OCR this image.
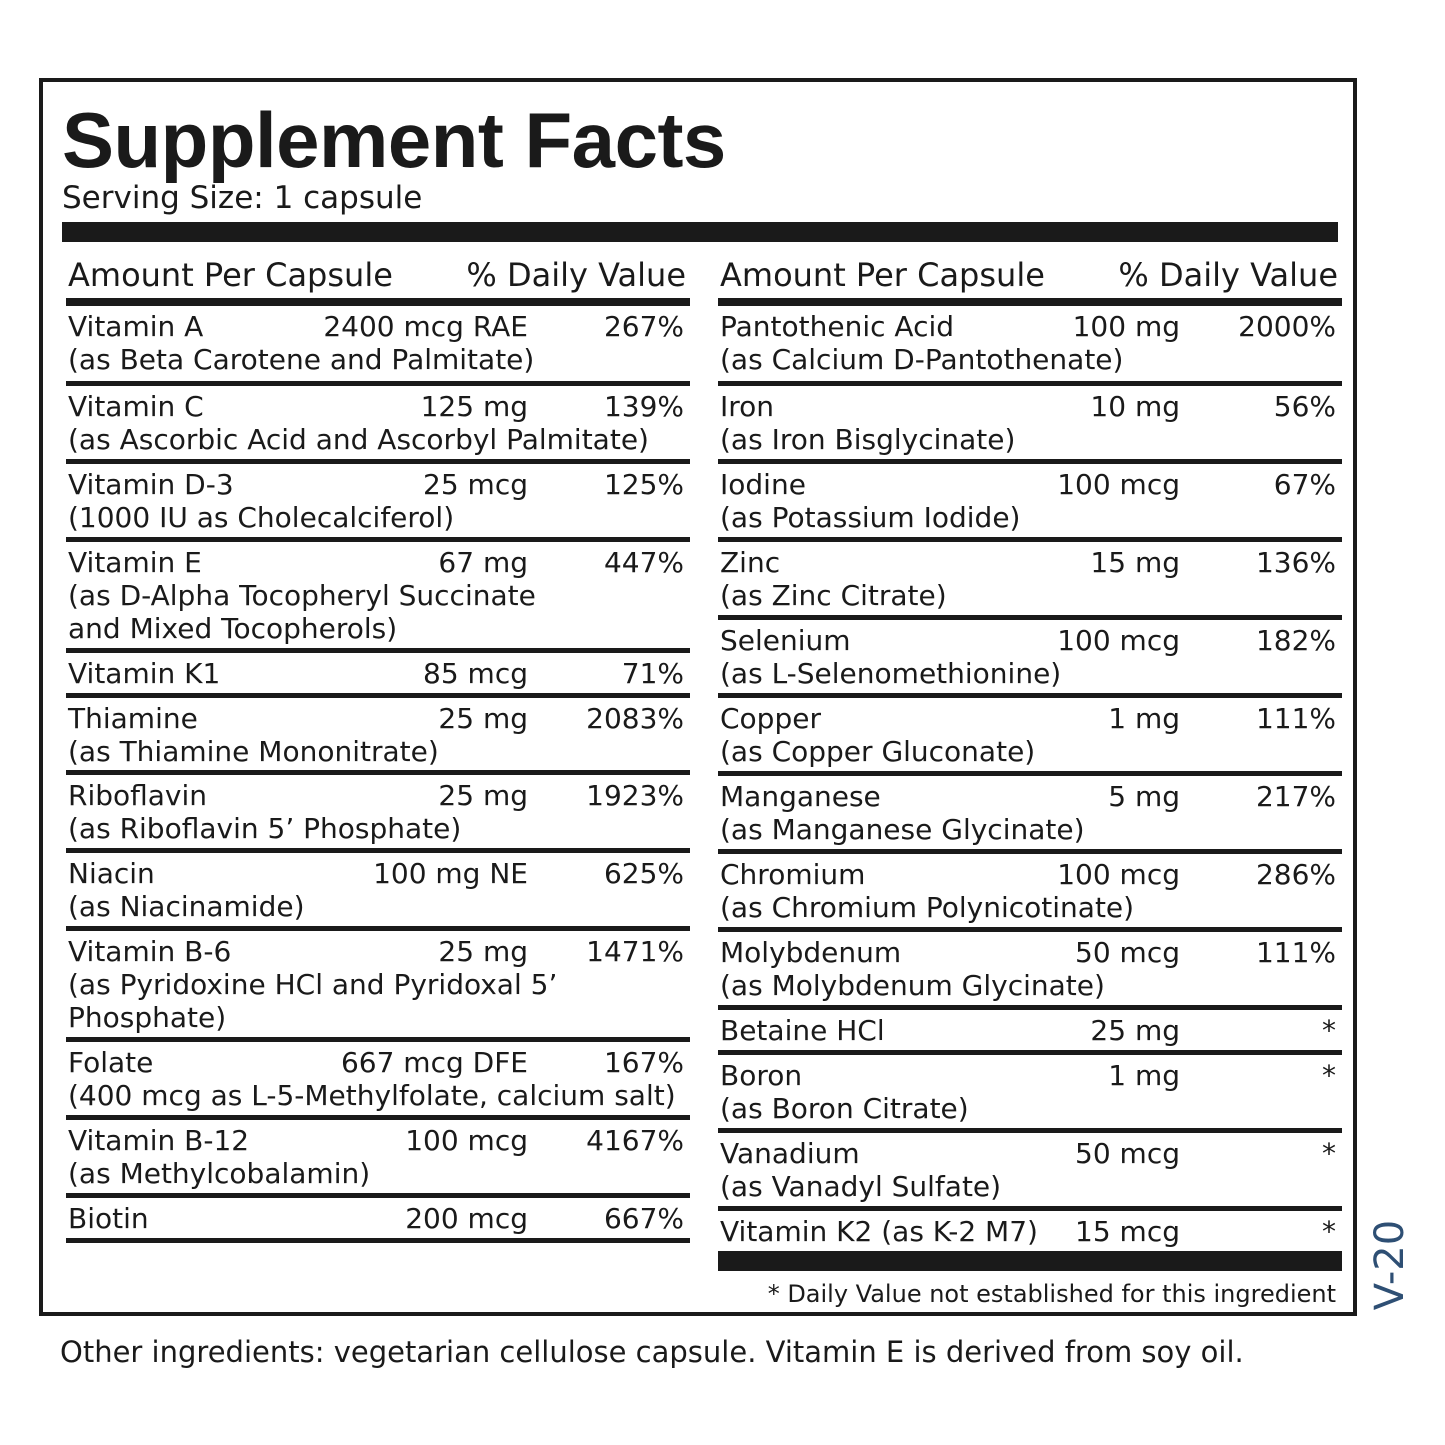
Supplement Facts
Serving Size: 1 capsule
Amount Per Capsule % Daily Value
Vitamin A	2400 mcg RAE	267%
(as Beta Carotene and Palmitate)
Vitamin C	125 mg	139%
(as Ascorbic Acid and Ascorbyl Palmitate)
Vitamin D-3	25 mcg	125%
(1000 IU as Cholecalciferol)
Vitamin E	67 mg	447%
(as D-Alpha Tocopheryl Succinate
and Mixed Tocopherols)
Vitamin K1	85 mcg	71%
Thiamine	25 mg 2083%
(as Thiamine Mononitrate)
Riboflavin	25 mg 1923%
(as Riboflavin 5’ Phosphate)
Niacin	100 mg NE	625%
(as Niacinamide)
Vitamin B-6	25 mg 1471%
(as Pyridoxine HCl and Pyridoxal 5’
Phosphate)
Folate	667 mcg DFE	167%
(400 mcg as L-5-Methylfolate, calcium salt)
Vitamin B-12	100 mcg 4167%
(as Methylcobalamin)
Biotin	200 mcg	667%
Amount Per Capsule % Daily Value
Pantothenic Acid	100 mg 2000%
(as Calcium D-Pantothenate)
Iron	10 mg	56%
(as Iron Bisglycinate)
Iodine	100 mcg	67%
(as Potassium Iodide)
Zinc	15 mg	136%
(as Zinc Citrate)
Selenium	100 mcg	182%
(as L-Selenomethionine)
Copper	1 mg	111%
(as Copper Gluconate)
Manganese	5 mg	217%
(as Manganese Glycinate)
Chromium	100 mcg	286%
(as Chromium Polynicotinate)
Molybdenum	50 mcg	111%
(as Molybdenum Glycinate)
Betaine HCl	25 mg	*
Boron	1 mg	*
(as Boron Citrate)
Vanadium	50 mcg	*
(as Vanadyl Sulfate)
Vitamin K2 (as K-2 M7) 15 mcg	*
* Daily Value not established for this ingredient V-20
Other ingredients: vegetarian cellulose capsule. Vitamin E is derived from soy oil.
